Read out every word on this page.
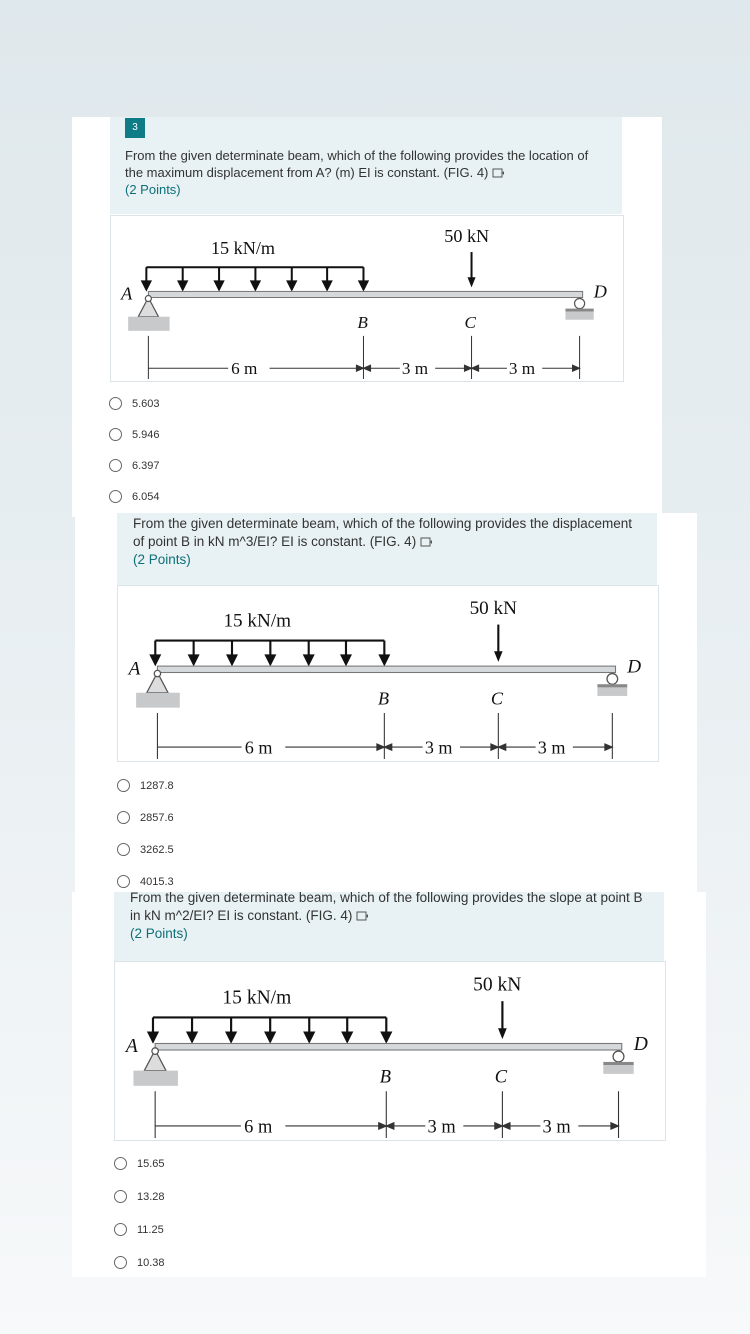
3
From the given determinate beam, which of the following provides the location of the maximum displacement from A? (m) EI is constant. (FIG. 4)
(2 Points)
15 kN/m
50 kN
A	D
B	C
6 m	3 m	3 m
5.603
5.946
6.397
6.054
From the given determinate beam, which of the following provides the displacement of point B in kN m^3/EI? EI is constant. (FIG. 4)
(2 Points)
15 kN/m
50 kN
A	D
B	C
6 m	3 m	3 m
1287.8
2857.6
3262.5
4015.3
From the given determinate beam, which of the following provides the slope at point B in kN m^2/EI? EI is constant. (FIG. 4)
(2 Points)
15 kN/m
50 kN
A	D
B	C
6 m	3 m	3 m
15.65
13.28
11.25
10.38
